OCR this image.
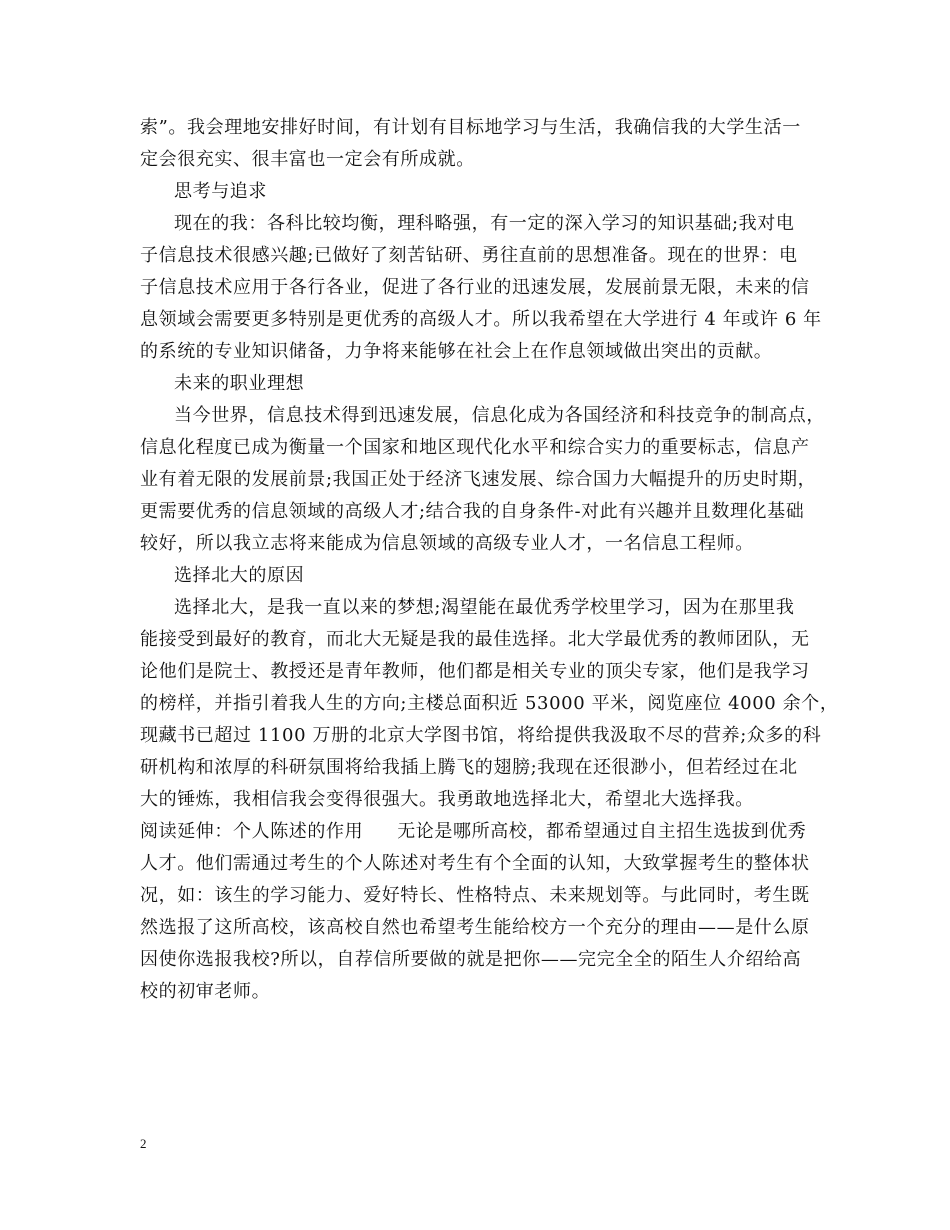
索”。我会理地安排好时间，有计划有目标地学习与生活，我确信我的大学生活一
定会很充实、很丰富也一定会有所成就。
思考与追求
现在的我：各科比较均衡，理科略强，有一定的深入学习的知识基础;我对电
子信息技术很感兴趣;已做好了刻苦钻研、勇往直前的思想准备。现在的世界：电
子信息技术应用于各行各业，促进了各行业的迅速发展，发展前景无限，未来的信
息领域会需要更多特别是更优秀的高级人才。所以我希望在大学进行 4 年或许 6 年
的系统的专业知识储备，力争将来能够在社会上在作息领域做出突出的贡献。
未来的职业理想
当今世界，信息技术得到迅速发展，信息化成为各国经济和科技竞争的制高点，
信息化程度已成为衡量一个国家和地区现代化水平和综合实力的重要标志，信息产
业有着无限的发展前景;我国正处于经济飞速发展、综合国力大幅提升的历史时期，
更需要优秀的信息领域的高级人才;结合我的自身条件-对此有兴趣并且数理化基础
较好，所以我立志将来能成为信息领域的高级专业人才，一名信息工程师。
选择北大的原因
选择北大，是我一直以来的梦想;渴望能在最优秀学校里学习，因为在那里我
能接受到最好的教育，而北大无疑是我的最佳选择。北大学最优秀的教师团队，无
论他们是院士、教授还是青年教师，他们都是相关专业的顶尖专家，他们是我学习
的榜样，并指引着我人生的方向;主楼总面积近 53000 平米，阅览座位 4000 余个，
现藏书已超过 1100 万册的北京大学图书馆，将给提供我汲取不尽的营养;众多的科
研机构和浓厚的科研氛围将给我插上腾飞的翅膀;我现在还很渺小，但若经过在北
大的锤炼，我相信我会变得很强大。我勇敢地选择北大，希望北大选择我。
阅读延伸：个人陈述的作用 无论是哪所高校，都希望通过自主招生选拔到优秀
人才。他们需通过考生的个人陈述对考生有个全面的认知，大致掌握考生的整体状
况，如：该生的学习能力、爱好特长、性格特点、未来规划等。与此同时，考生既
然选报了这所高校，该高校自然也希望考生能给校方一个充分的理由——是什么原
因使你选报我校?所以，自荐信所要做的就是把你——完完全全的陌生人介绍给高
校的初审老师。
2
